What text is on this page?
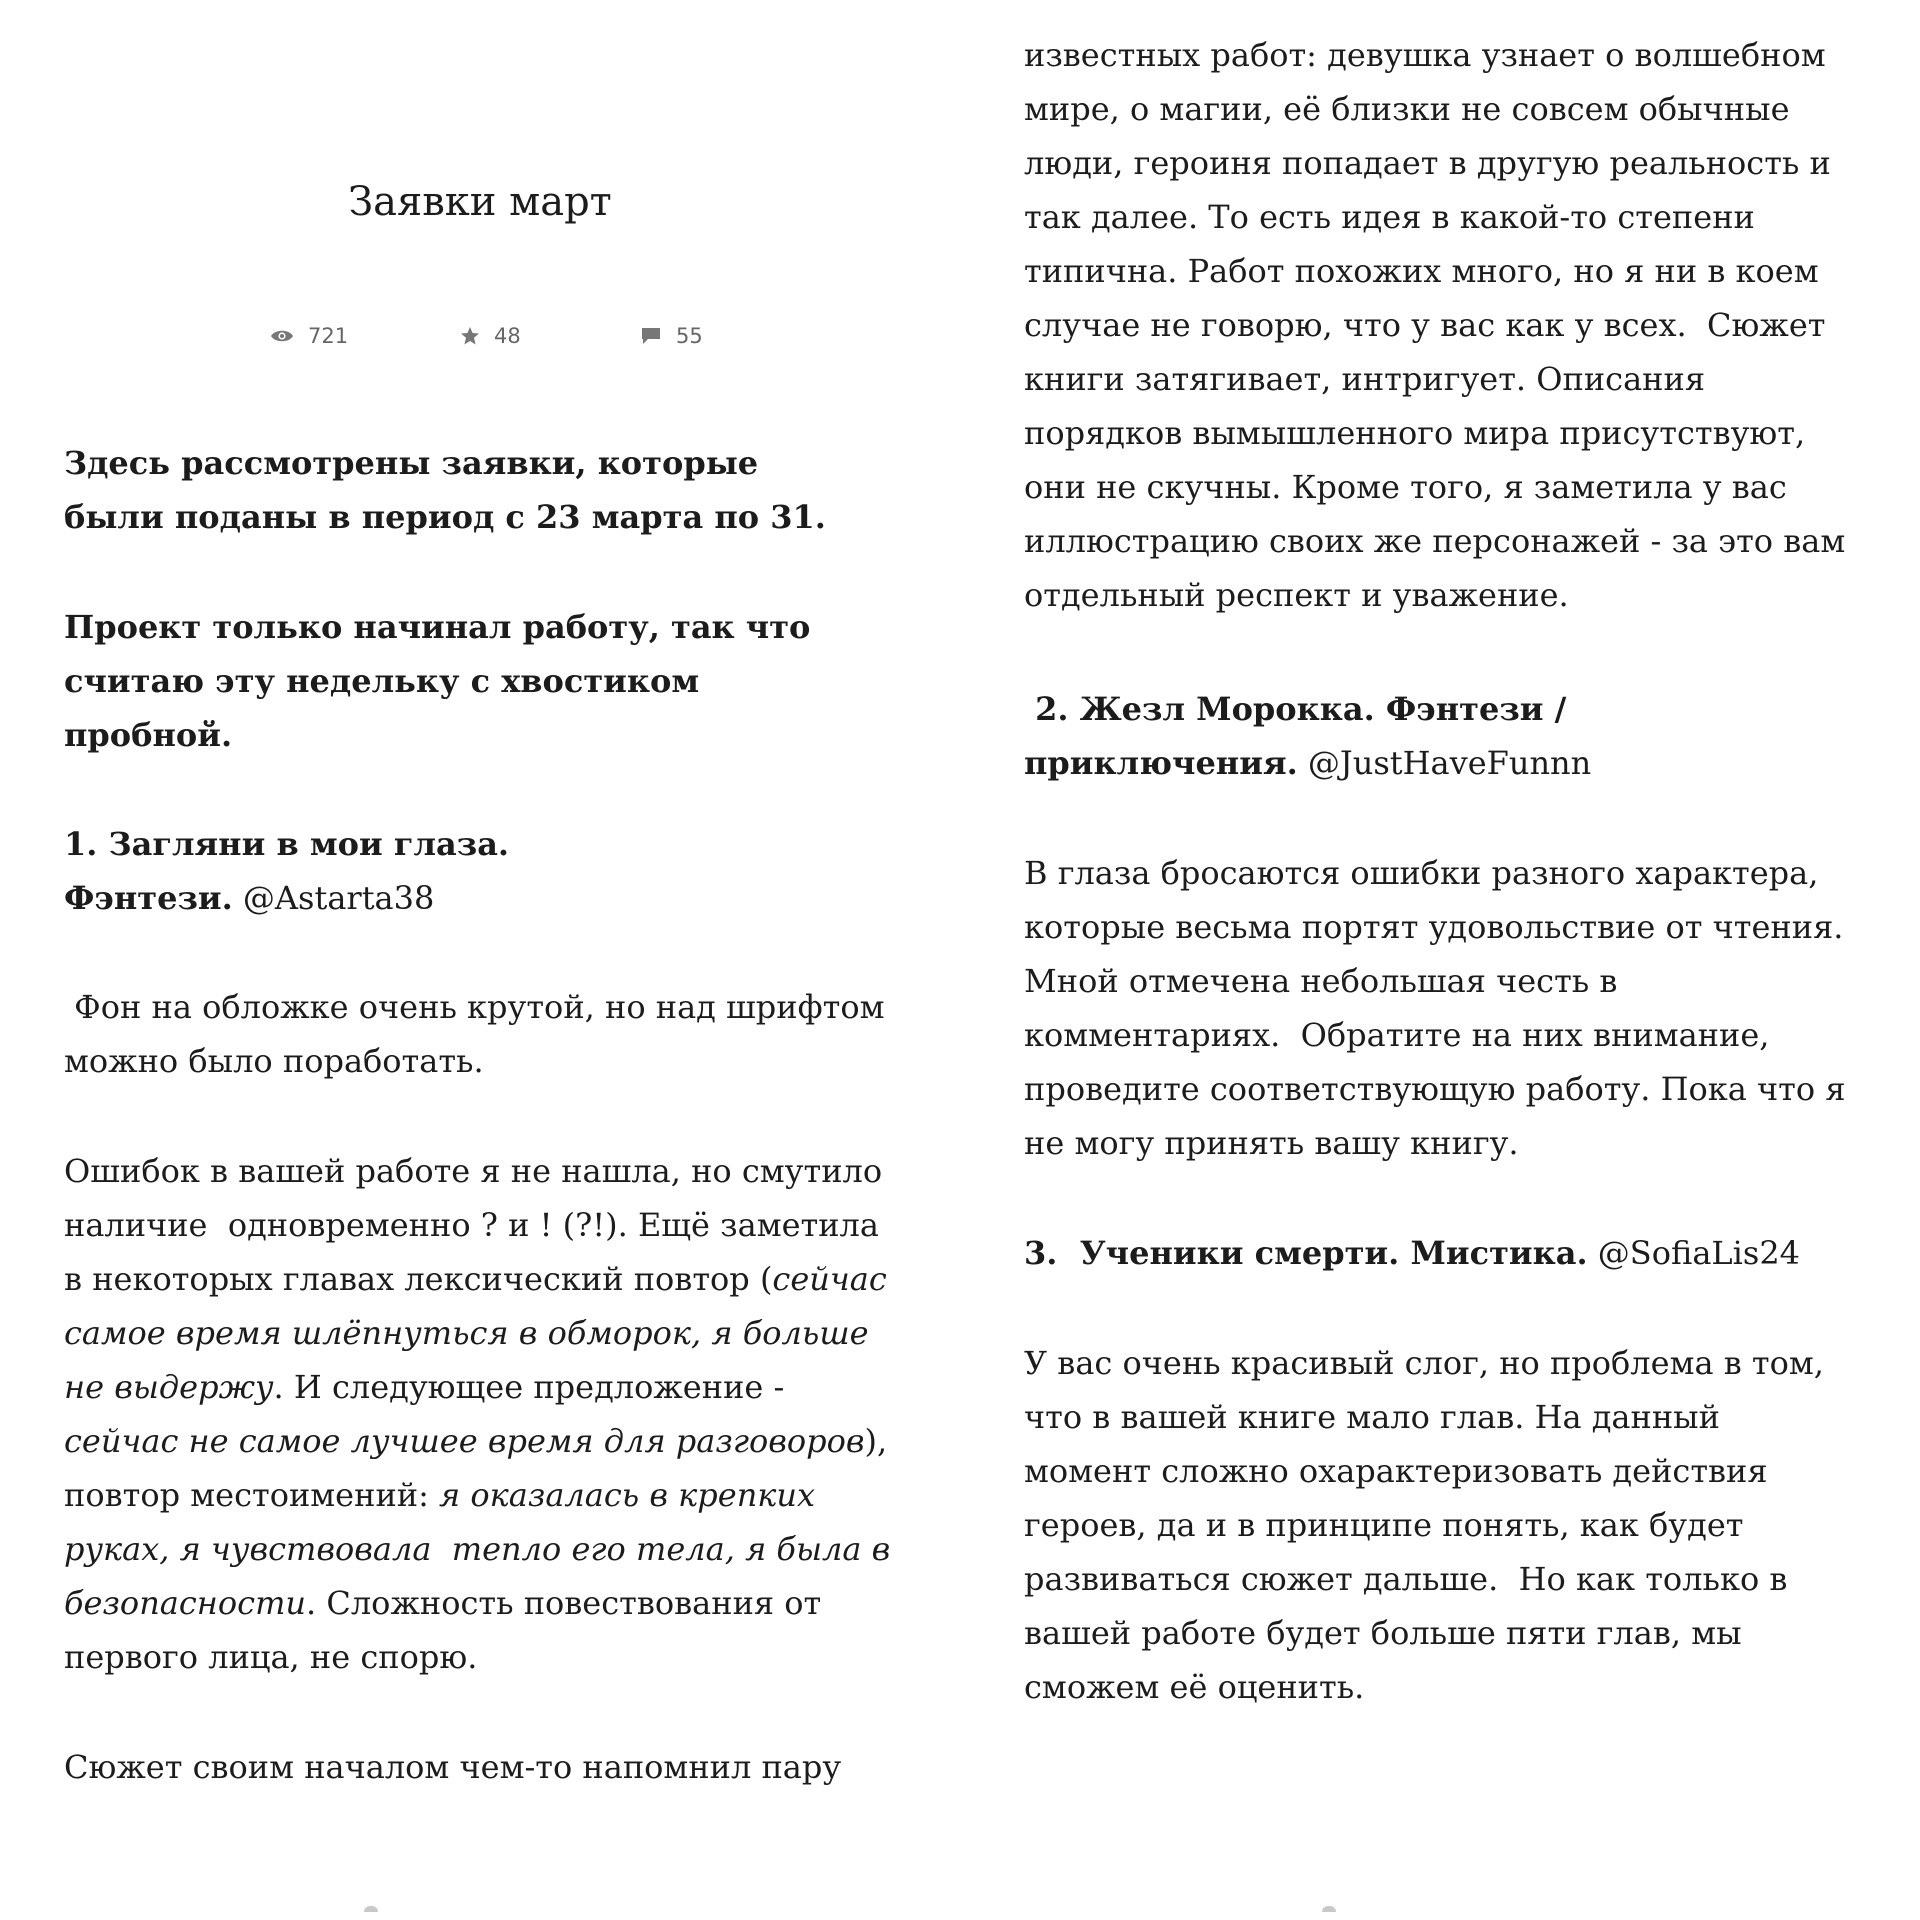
Заявки март
721	48	55

Здесь рассмотрены заявки, которые

были поданы в период с 23 марта по 31.

Проект только начинал работу, так что

считаю эту недельку с хвостиком

пробной.

1. Загляни в мои глаза.

Фэнтези. @Astarta38

Фон на обложке очень крутой, но над шрифтом

можно было поработать.

Ошибок в вашей работе я не нашла, но смутило

наличие  одновременно ? и ! (?!). Ещё заметила

в некоторых главах лексический повтор (сейчас

самое время шлёпнуться в обморок, я больше

не выдержу. И следующее предложение -

сейчас не самое лучшее время для разговоров),

повтор местоимений: я оказалась в крепких

руках, я чувствовала  тепло его тела, я была в

безопасности. Сложность повествования от

первого лица, не спорю.

Сюжет своим началом чем-то напомнил пару

известных работ: девушка узнает о волшебном

мире, о магии, её близки не совсем обычные

люди, героиня попадает в другую реальность и

так далее. То есть идея в какой-то степени

типична. Работ похожих много, но я ни в коем

случае не говорю, что у вас как у всех.  Сюжет

книги затягивает, интригует. Описания

порядков вымышленного мира присутствуют,

они не скучны. Кроме того, я заметила у вас

иллюстрацию своих же персонажей - за это вам

отдельный респект и уважение.

2. Жезл Морокка. Фэнтези /

приключения. @JustHaveFunnn

В глаза бросаются ошибки разного характера,

которые весьма портят удовольствие от чтения.

Мной отмечена небольшая честь в

комментариях.  Обратите на них внимание,

проведите соответствующую работу. Пока что я

не могу принять вашу книгу.

3.  Ученики смерти. Мистика. @SofiaLis24

У вас очень красивый слог, но проблема в том,

что в вашей книге мало глав. На данный

момент сложно охарактеризовать действия

героев, да и в принципе понять, как будет

развиваться сюжет дальше.  Но как только в

вашей работе будет больше пяти глав, мы

сможем её оценить.
